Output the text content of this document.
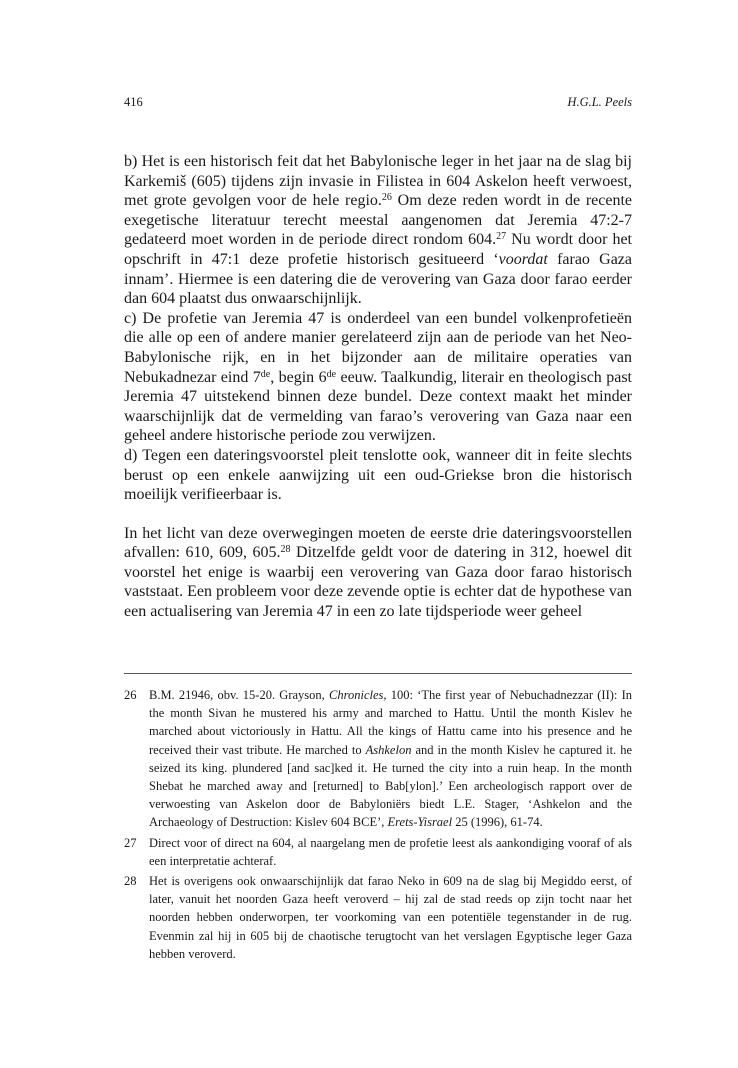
416	H.G.L. Peels

b) Het is een historisch feit dat het Babylonische leger in het jaar na de slag bij Karkemiš (605) tijdens zijn invasie in Filistea in 604 Askelon heeft verwoest, met grote gevolgen voor de hele regio.$^{26}$ Om deze reden wordt in de recente exegetische literatuur terecht meestal aangenomen dat Jeremia 47:2-7 gedateerd moet worden in de periode direct rondom 604.27 Nu wordt door het opschrift in 47:1 deze profetie historisch gesitueerd ‘voordat farao Gaza innam’. Hiermee is een datering die de verovering van Gaza door farao eerder dan 604 plaatst dus onwaarschijnlijk.

c) De profetie van Jeremia 47 is onderdeel van een bundel volkenprofetieën die alle op een of andere manier gerelateerd zijn aan de periode van het Neo-Babylonische rijk, en in het bijzonder aan de militaire operaties van Nebukadnezar eind 7de, begin 6de eeuw. Taalkundig, literair en theologisch past Jeremia 47 uitstekend binnen deze bundel. Deze context maakt het minder waarschijnlijk dat de vermelding van farao’s verovering van Gaza naar een geheel andere historische periode zou verwijzen.

d) Tegen een dateringsvoorstel pleit tenslotte ook, wanneer dit in feite slechts berust op een enkele aanwijzing uit een oud-Griekse bron die historisch moeilijk verifieerbaar is.

In het licht van deze overwegingen moeten de eerste drie dateringsvoorstellen afvallen: 610, 609, 605.28 Ditzelfde geldt voor de datering in 312, hoewel dit voorstel het enige is waarbij een verovering van Gaza door farao historisch vaststaat. Een probleem voor deze zevende optie is echter dat de hypothese van een actualisering van Jeremia 47 in een zo late tijdsperiode weer geheel

26	B.M. 21946, obv. 15-20. Grayson, Chronicles, 100: ‘The first year of Nebuchadnezzar (II): In the month Sivan he mustered his army and marched to Hattu. Until the month Kislev he marched about victoriously in Hattu. All the kings of Hattu came into his presence and he received their vast tribute. He marched to Ashkelon and in the month Kislev he captured it. he seized its king. plundered [and sac]ked it. He turned the city into a ruin heap. In the month Shebat he marched away and [returned] to Bab[ylon].’ Een archeologisch rapport over de verwoesting van Askelon door de Babyloniërs biedt L.E. Stager, ‘Ashkelon and the Archaeology of Destruction: Kislev 604 BCE’, Erets-Yisrael 25 (1996), 61-74.
27	Direct voor of direct na 604, al naargelang men de profetie leest als aankondiging vooraf of als een interpretatie achteraf.
28	Het is overigens ook onwaarschijnlijk dat farao Neko in 609 na de slag bij Megiddo eerst, of later, vanuit het noorden Gaza heeft veroverd – hij zal de stad reeds op zijn tocht naar het noorden hebben onderworpen, ter voorkoming van een potentiële tegenstander in de rug. Evenmin zal hij in 605 bij de chaotische terugtocht van het verslagen Egyptische leger Gaza hebben veroverd.
